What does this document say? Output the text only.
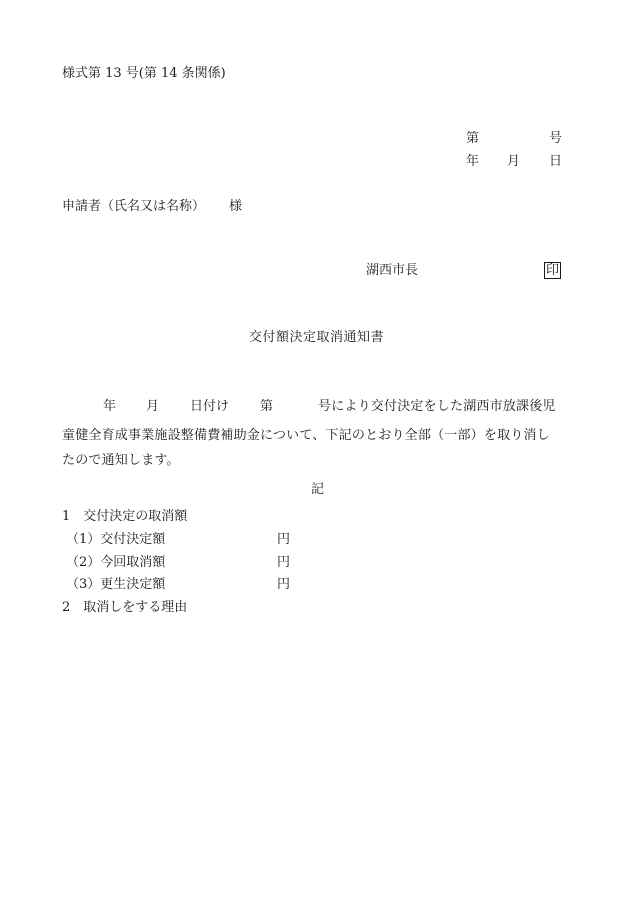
様式第 13 号(第 14 条関係)
第	号
年 月 日
申請者（氏名又は名称） 様
湖西市長	印
交付額決定取消通知書
年 月 日付け 第	号により交付決定をした湖西市放課後児
童健全育成事業施設整備費補助金について、下記のとおり全部（一部）を取り消し
たので通知します。
記
1　交付決定の取消額
（1）交付決定額	円
（2）今回取消額	円
（3）更生決定額	円
2　取消しをする理由
